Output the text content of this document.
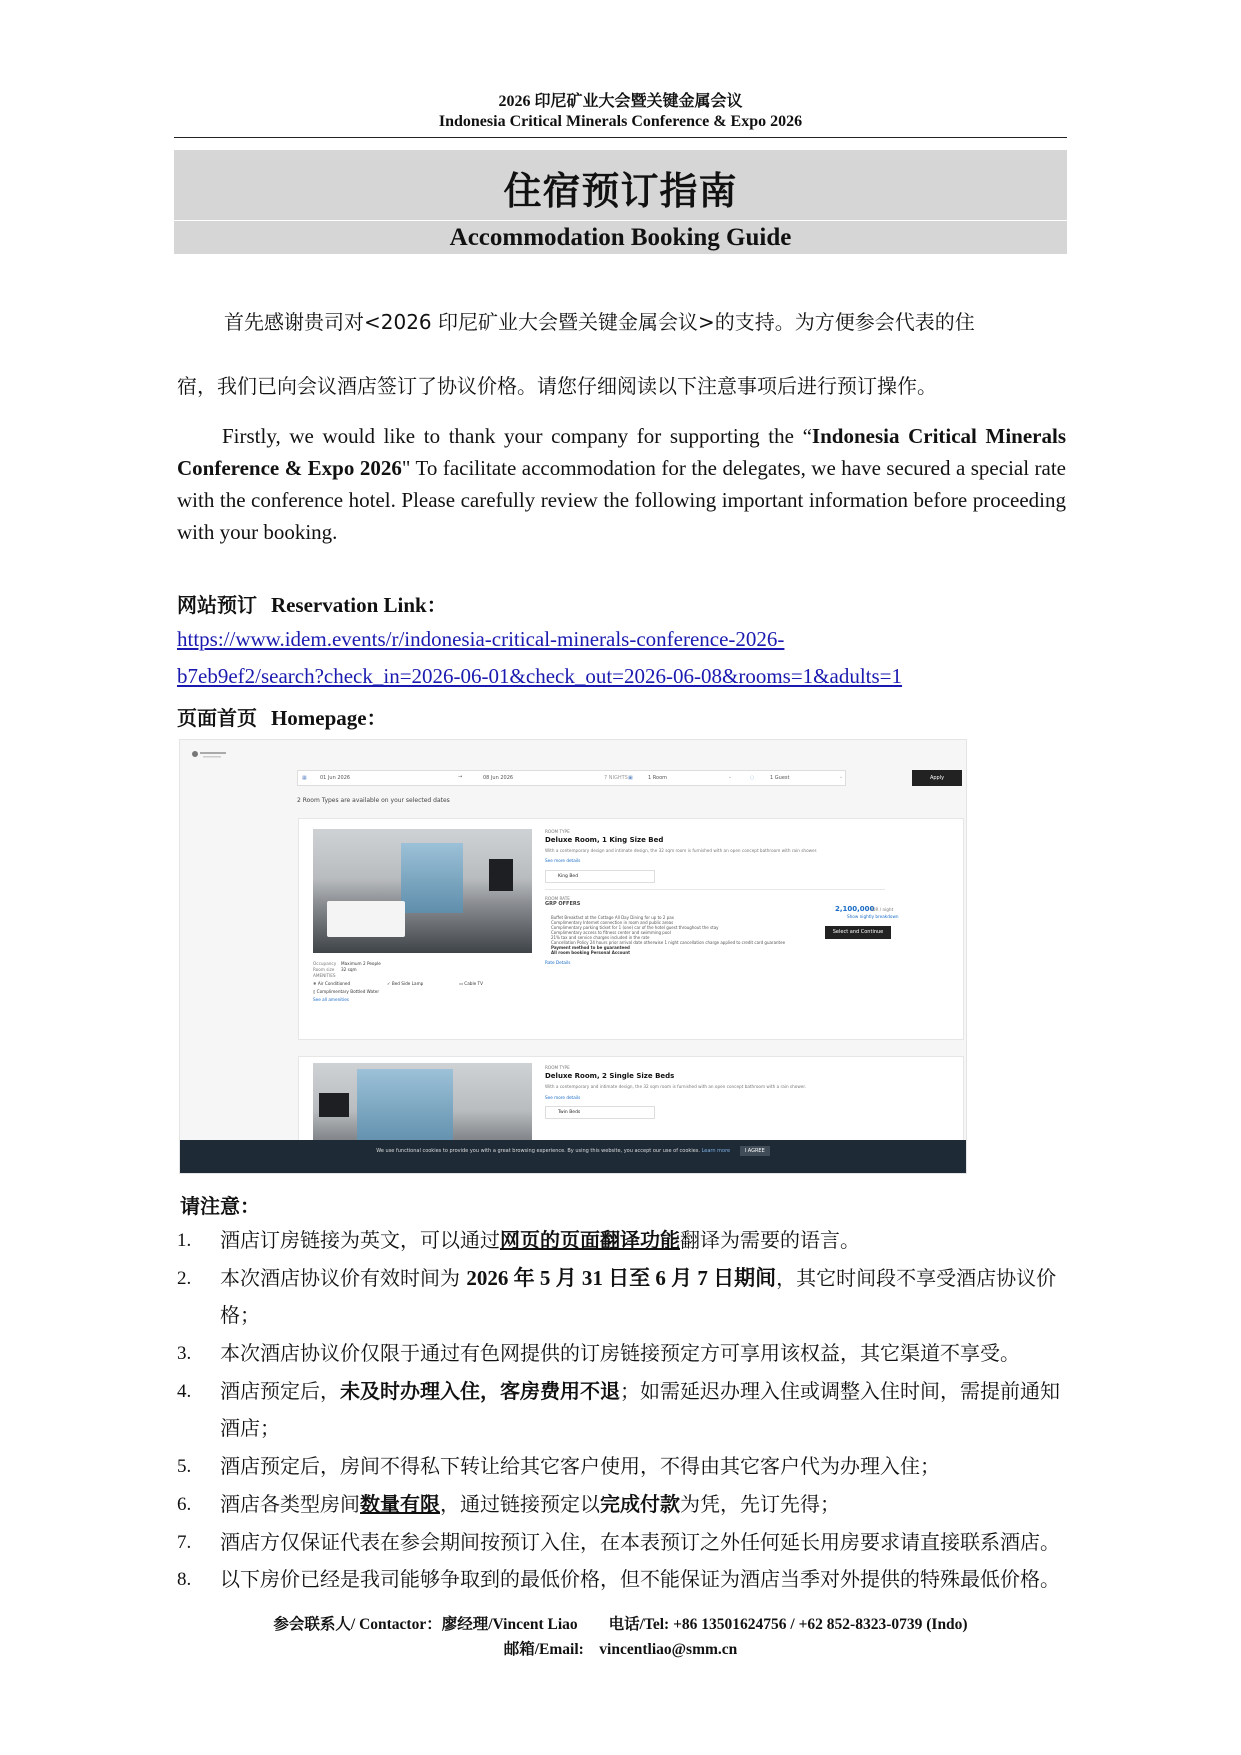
2026 印尼矿业大会暨关键金属会议
Indonesia Critical Minerals Conference & Expo 2026
住宿预订指南
Accommodation Booking Guide
首先感谢贵司对<2026 印尼矿业大会暨关键金属会议>的支持。为方便参会代表的住
宿，我们已向会议酒店签订了协议价格。请您仔细阅读以下注意事项后进行预订操作。
Firstly, we would like to thank your company for supporting the “Indonesia Critical Minerals Conference & Expo 2026" To facilitate accommodation for the delegates, we have secured a special rate with the conference hotel. Please carefully review the following important information before proceeding with your booking.
网站预订 Reservation Link：
https://www.idem.events/r/indonesia-critical-minerals-conference-2026-
b7eb9ef2/search?check_in=2026-06-01&check_out=2026-06-08&rooms=1&adults=1
页面首页 Homepage：
▦	01 Jun 2026	→	08 Jun 2026	7 NIGHTS ▣	1 Room	⌄	◌	1 Guest	⌄	Apply
2 Room Types are available on your selected dates
Occupancy Maximum 2 People
Room size 32 sqm
AMENITIES
❄ Air Conditioned	✓ Bed Side Lamp	▭ Cable TV
▯ Complimentary Bottled Water
See all amenities
ROOM TYPE
Deluxe Room, 1 King Size Bed
With a contemporary design and intimate design, the 32 sqm room is furnished with an open concept bathroom with rain shower.
See more details
King Bed
ROOM RATE
GRP OFFERS
Buffet Breakfast at the Cottage All Day Dining for up to 2 pax
Complimentary Internet connection in room and public areas
Complimentary parking ticket for 1 (one) car of the hotel guest throughout the stay
Complimentary access to fitness center and swimming pool
21% tax and service charges included in the rate
Cancellation Policy 24 hours prior arrival date otherwise 1 night cancellation charge applied to credit card guarantee
Payment method to be guaranteed
All room booking Personal Account
Rate Details
2,100,000
IDR / night
Show nightly breakdown
Select and Continue
ROOM TYPE
Deluxe Room, 2 Single Size Beds
With a contemporary and intimate design, the 32 sqm room is furnished with an open concept bathroom with a rain shower.
See more details
Twin Beds
We use functional cookies to provide you with a great browsing experience. By using this website, you accept our use of cookies. Learn more	I AGREE
请注意：
1. 酒店订房链接为英文，可以通过网页的页面翻译功能翻译为需要的语言。
2. 本次酒店协议价有效时间为 2026 年 5 月 31 日至 6 月 7 日期间，其它时间段不享受酒店协议价
格；
3. 本次酒店协议价仅限于通过有色网提供的订房链接预定方可享用该权益，其它渠道不享受。
4. 酒店预定后，未及时办理入住，客房费用不退；如需延迟办理入住或调整入住时间，需提前通知
酒店；
5. 酒店预定后，房间不得私下转让给其它客户使用，不得由其它客户代为办理入住；
6. 酒店各类型房间数量有限，通过链接预定以完成付款为凭，先订先得；
7. 酒店方仅保证代表在参会期间按预订入住，在本表预订之外任何延长用房要求请直接联系酒店。
8. 以下房价已经是我司能够争取到的最低价格，但不能保证为酒店当季对外提供的特殊最低价格。
参会联系人/ Contactor：廖经理/Vincent Liao　　电话/Tel: +86 13501624756 / +62 852-8323-0739 (Indo)
邮箱/Email:　vincentliao@smm.cn
